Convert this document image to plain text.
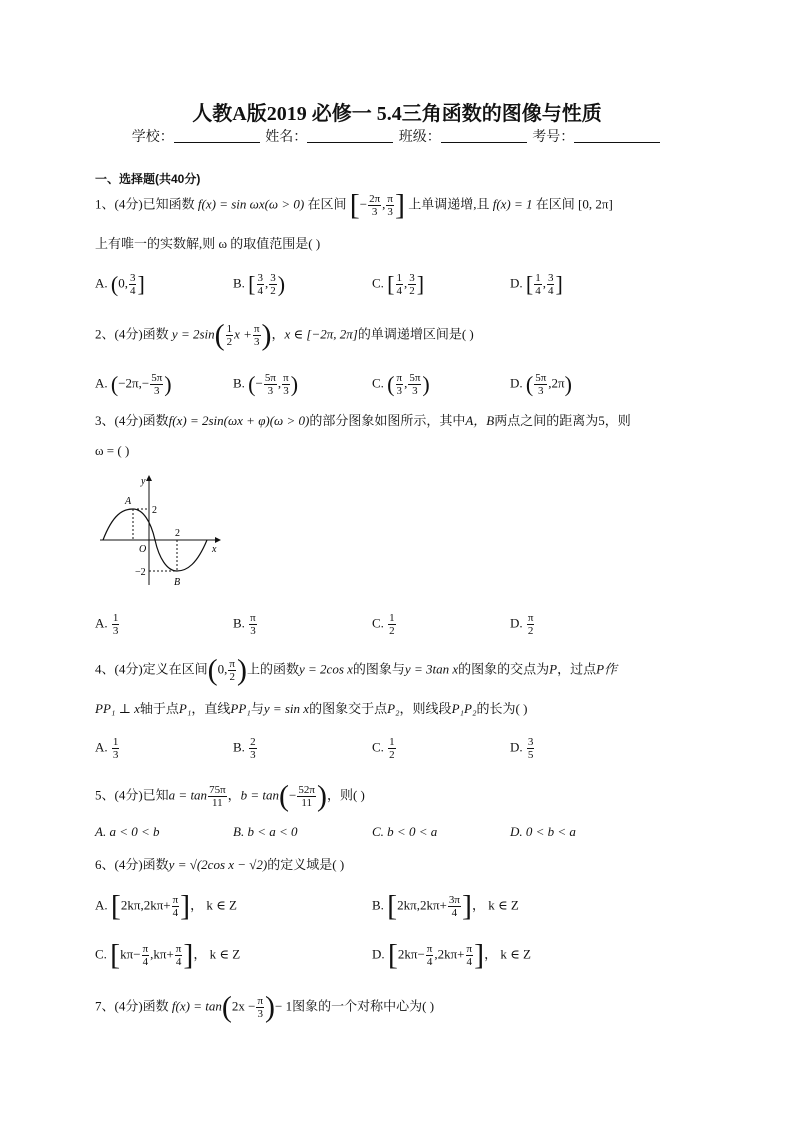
人教A版2019 必修一 5.4三角函数的图像与性质
学校：	姓名：	班级：	考号：
一、选择题(共40分)
1、(4分)已知函数 f(x) = sin ωx(ω > 0) 在区间 [− $\frac{2\pi}{3}$ , $\frac{\pi}{3}$ ] 上单调递增,且 f(x) = 1 在区间 [0, 2π]
上有唯一的实数解,则 ω 的取值范围是( )
A. (0, $\frac{3}{4}$ ]	B. [ $\frac{3}{4}$ , $\frac{3}{2}$ )	C. [ $\frac{1}{4}$ , $\frac{3}{2}$ ]	D. [ $\frac{1}{4}$ , $\frac{3}{4}$ ]
2、(4分)函数 $y = 2\sin( \frac{1}{2}$ $x + \frac{\pi}{3}$ )，x ∈ [−2π, 2π]的单调递增区间是( )
A. ($-2\pi,- \frac{5\pi}{3}$ )	B. (− $\frac{5\pi}{3}$ , $\frac{\pi}{3}$ )	C. ( $\frac{\pi}{3}$ , $\frac{5\pi}{3}$ )	D. ( $\frac{5\pi}{3} ,2\pi$)
3、(4分)函数f(x) = 2sin(ωx + φ)(ω > 0)的部分图象如图所示，其中A，B两点之间的距离为5，则
ω = ( )
y
x
O
A
B
2
2
−2
A. $\frac{1}{3}$	B. $\frac{\pi}{3}$	C. $\frac{1}{2}$	D. $\frac{\pi}{2}$
4、(4分)定义在区间(0, $\frac{\pi}{2}$ )上的函数y = 2cos x的图象与y = 3tan x的图象的交点为P，过点P作
PP₁ ⊥ x轴于点P₁，直线PP₁与y = sin x的图象交于点P₂，则线段P₁P₂的长为( )
A. $\frac{1}{3}$	B. $\frac{2}{3}$	C. $\frac{1}{2}$	D. $\frac{3}{5}$
5、(4分)已知$a = \tan \frac{75\pi}{11}$ ，$b = \tan(- \frac{52\pi}{11}$ )，则( )
A. a < 0 < b	B. b < a < 0	C. b < 0 < a	D. 0 < b < a
6、(4分)函数y = √(2cos x − √2)的定义域是( )
A. [$2k\pi,2k\pi+ \frac{\pi}{4}$ ]， k ∈ Z	B. [$2k\pi,2k\pi+ \frac{3\pi}{4}$ ]， k ∈ Z
C. [$k\pi- \frac{\pi}{4} ,k\pi+ \frac{\pi}{4}$ ]， k ∈ Z	D. [$2k\pi- \frac{\pi}{4} ,2k\pi+ \frac{\pi}{4}$ ]， k ∈ Z
7、(4分)函数 $f(x) = \tan(2x - \frac{\pi}{3}$ )− 1图象的一个对称中心为( )
